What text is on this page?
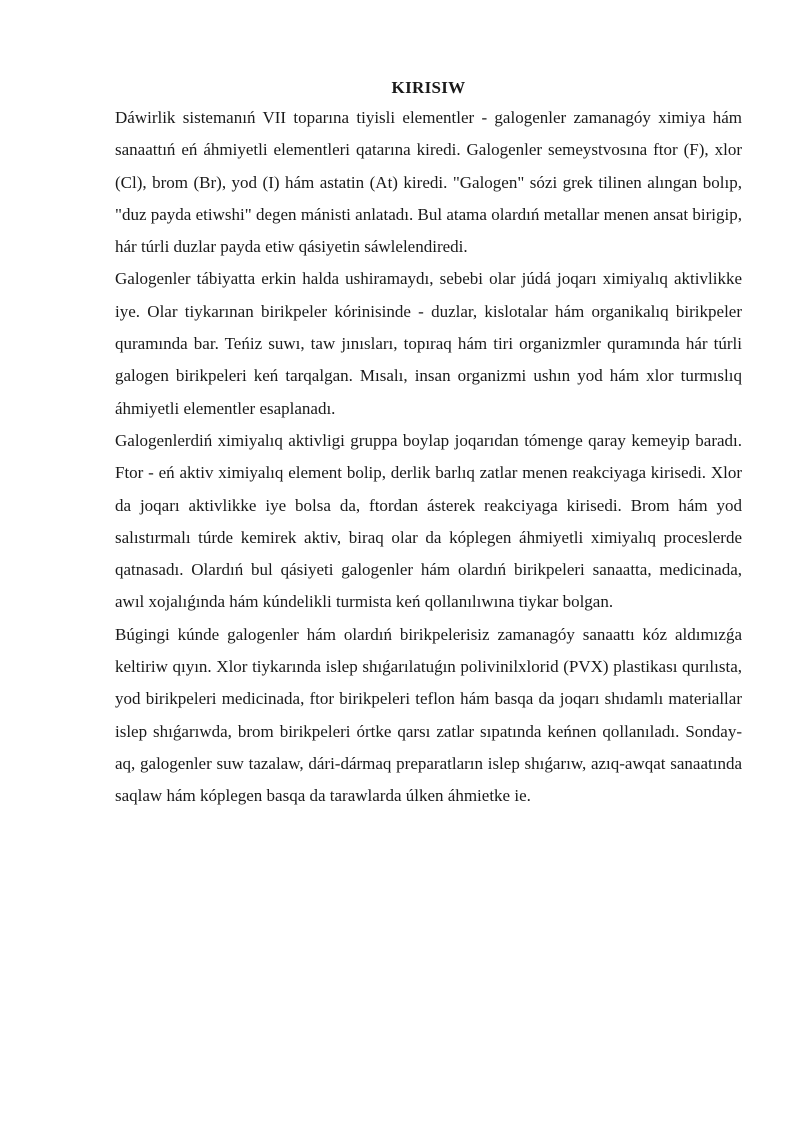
KIRISIW

Dáwirlik sistemanıń VII toparına tiyisli elementler - galogenler zamanagóy ximiya hám sanaattıń eń áhmiyetli elementleri qatarına kiredi. Galogenler semeystvosına ftor (F), xlor (Cl), brom (Br), yod (I) hám astatin (At) kiredi. "Galogen" sózi grek tilinen alıngan bolıp, "duz payda etiwshi" degen mánisti anlatadı. Bul atama olardıń metallar menen ansat birigip, hár túrli duzlar payda etiw qásiyetin sáwlelendiredi.

Galogenler tábiyatta erkin halda ushiramaydı, sebebi olar júdá joqarı ximiyalıq aktivlikke iye. Olar tiykarınan birikpeler kórinisinde - duzlar, kislotalar hám organikalıq birikpeler quramında bar. Teńiz suwı, taw jınısları, topıraq hám tiri organizmler quramında hár túrli galogen birikpeleri keń tarqalgan. Mısalı, insan organizmi ushın yod hám xlor turmıslıq áhmiyetli elementler esaplanadı.

Galogenlerdiń ximiyalıq aktivligi gruppa boylap joqarıdan tómenge qaray kemeyip baradı. Ftor - eń aktiv ximiyalıq element bolip, derlik barlıq zatlar menen reakciyaga kirisedi. Xlor da joqarı aktivlikke iye bolsa da, ftordan ásterek reakciyaga kirisedi. Brom hám yod salıstırmalı túrde kemirek aktiv, biraq olar da kóplegen áhmiyetli ximiyalıq proceslerde qatnasadı. Olardıń bul qásiyeti galogenler hám olardıń birikpeleri sanaatta, medicinada, awıl xojalıǵında hám kúndelikli turmista keń qollanılıwına tiykar bolgan.

Búgingi kúnde galogenler hám olardıń birikpelerisiz zamanagóy sanaattı kóz aldımızǵa keltiriw qıyın. Xlor tiykarında islep shıǵarılatuǵın polivinilxlorid (PVX) plastikası qurılısta, yod birikpeleri medicinada, ftor birikpeleri teflon hám basqa da joqarı shıdamlı materiallar islep shıǵarıwda, brom birikpeleri órtke qarsı zatlar sıpatında keńnen qollanıladı. Sonday-aq, galogenler suw tazalaw, dári-dármaq preparatların islep shıǵarıw, azıq-awqat sanaatında saqlaw hám kóplegen basqa da tarawlarda úlken áhmietke ie.
